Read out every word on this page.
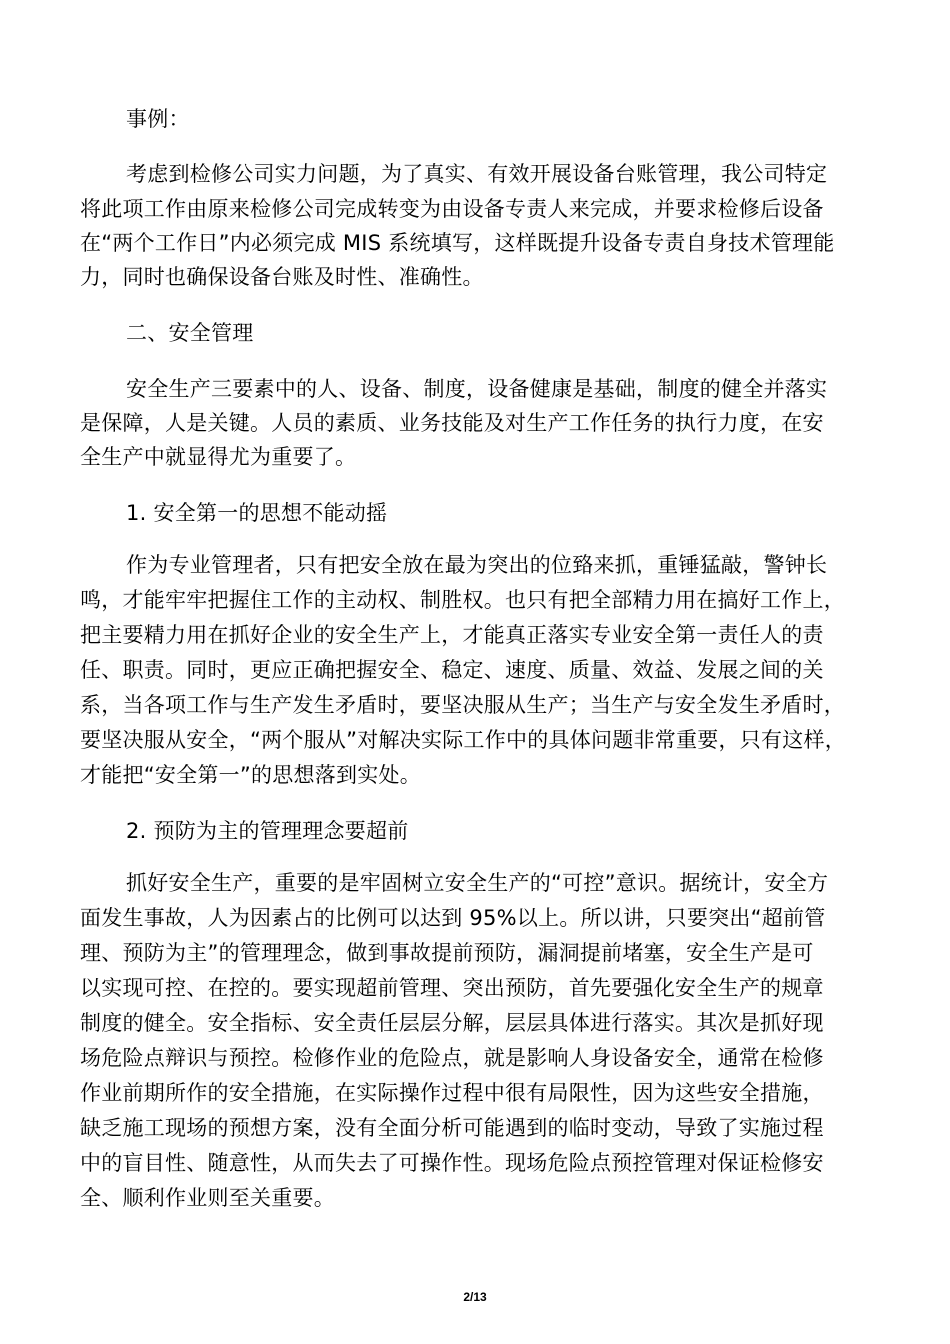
事例：

考虑到检修公司实力问题，为了真实、有效开展设备台账管理，我公司特定

将此项工作由原来检修公司完成转变为由设备专责人来完成，并要求检修后设备

在“两个工作日”内必须完成 MIS 系统填写，这样既提升设备专责自身技术管理能

力，同时也确保设备台账及时性、准确性。

二、安全管理

安全生产三要素中的人、设备、制度，设备健康是基础，制度的健全并落实

是保障，人是关键。人员的素质、业务技能及对生产工作任务的执行力度，在安

全生产中就显得尤为重要了。

1. 安全第一的思想不能动摇

作为专业管理者，只有把安全放在最为突出的位臵来抓，重锤猛敲，警钟长

鸣，才能牢牢把握住工作的主动权、制胜权。也只有把全部精力用在搞好工作上，

把主要精力用在抓好企业的安全生产上，才能真正落实专业安全第一责任人的责

任、职责。同时，更应正确把握安全、稳定、速度、质量、效益、发展之间的关

系，当各项工作与生产发生矛盾时，要坚决服从生产；当生产与安全发生矛盾时，

要坚决服从安全，“两个服从”对解决实际工作中的具体问题非常重要，只有这样，

才能把“安全第一”的思想落到实处。

2. 预防为主的管理理念要超前

抓好安全生产，重要的是牢固树立安全生产的“可控”意识。据统计，安全方

面发生事故，人为因素占的比例可以达到 95%以上。所以讲，只要突出“超前管

理、预防为主”的管理理念，做到事故提前预防，漏洞提前堵塞，安全生产是可

以实现可控、在控的。要实现超前管理、突出预防，首先要强化安全生产的规章

制度的健全。安全指标、安全责任层层分解，层层具体进行落实。其次是抓好现

场危险点辩识与预控。检修作业的危险点，就是影响人身设备安全，通常在检修

作业前期所作的安全措施，在实际操作过程中很有局限性，因为这些安全措施，

缺乏施工现场的预想方案，没有全面分析可能遇到的临时变动，导致了实施过程

中的盲目性、随意性，从而失去了可操作性。现场危险点预控管理对保证检修安

全、顺利作业则至关重要。

2/13
